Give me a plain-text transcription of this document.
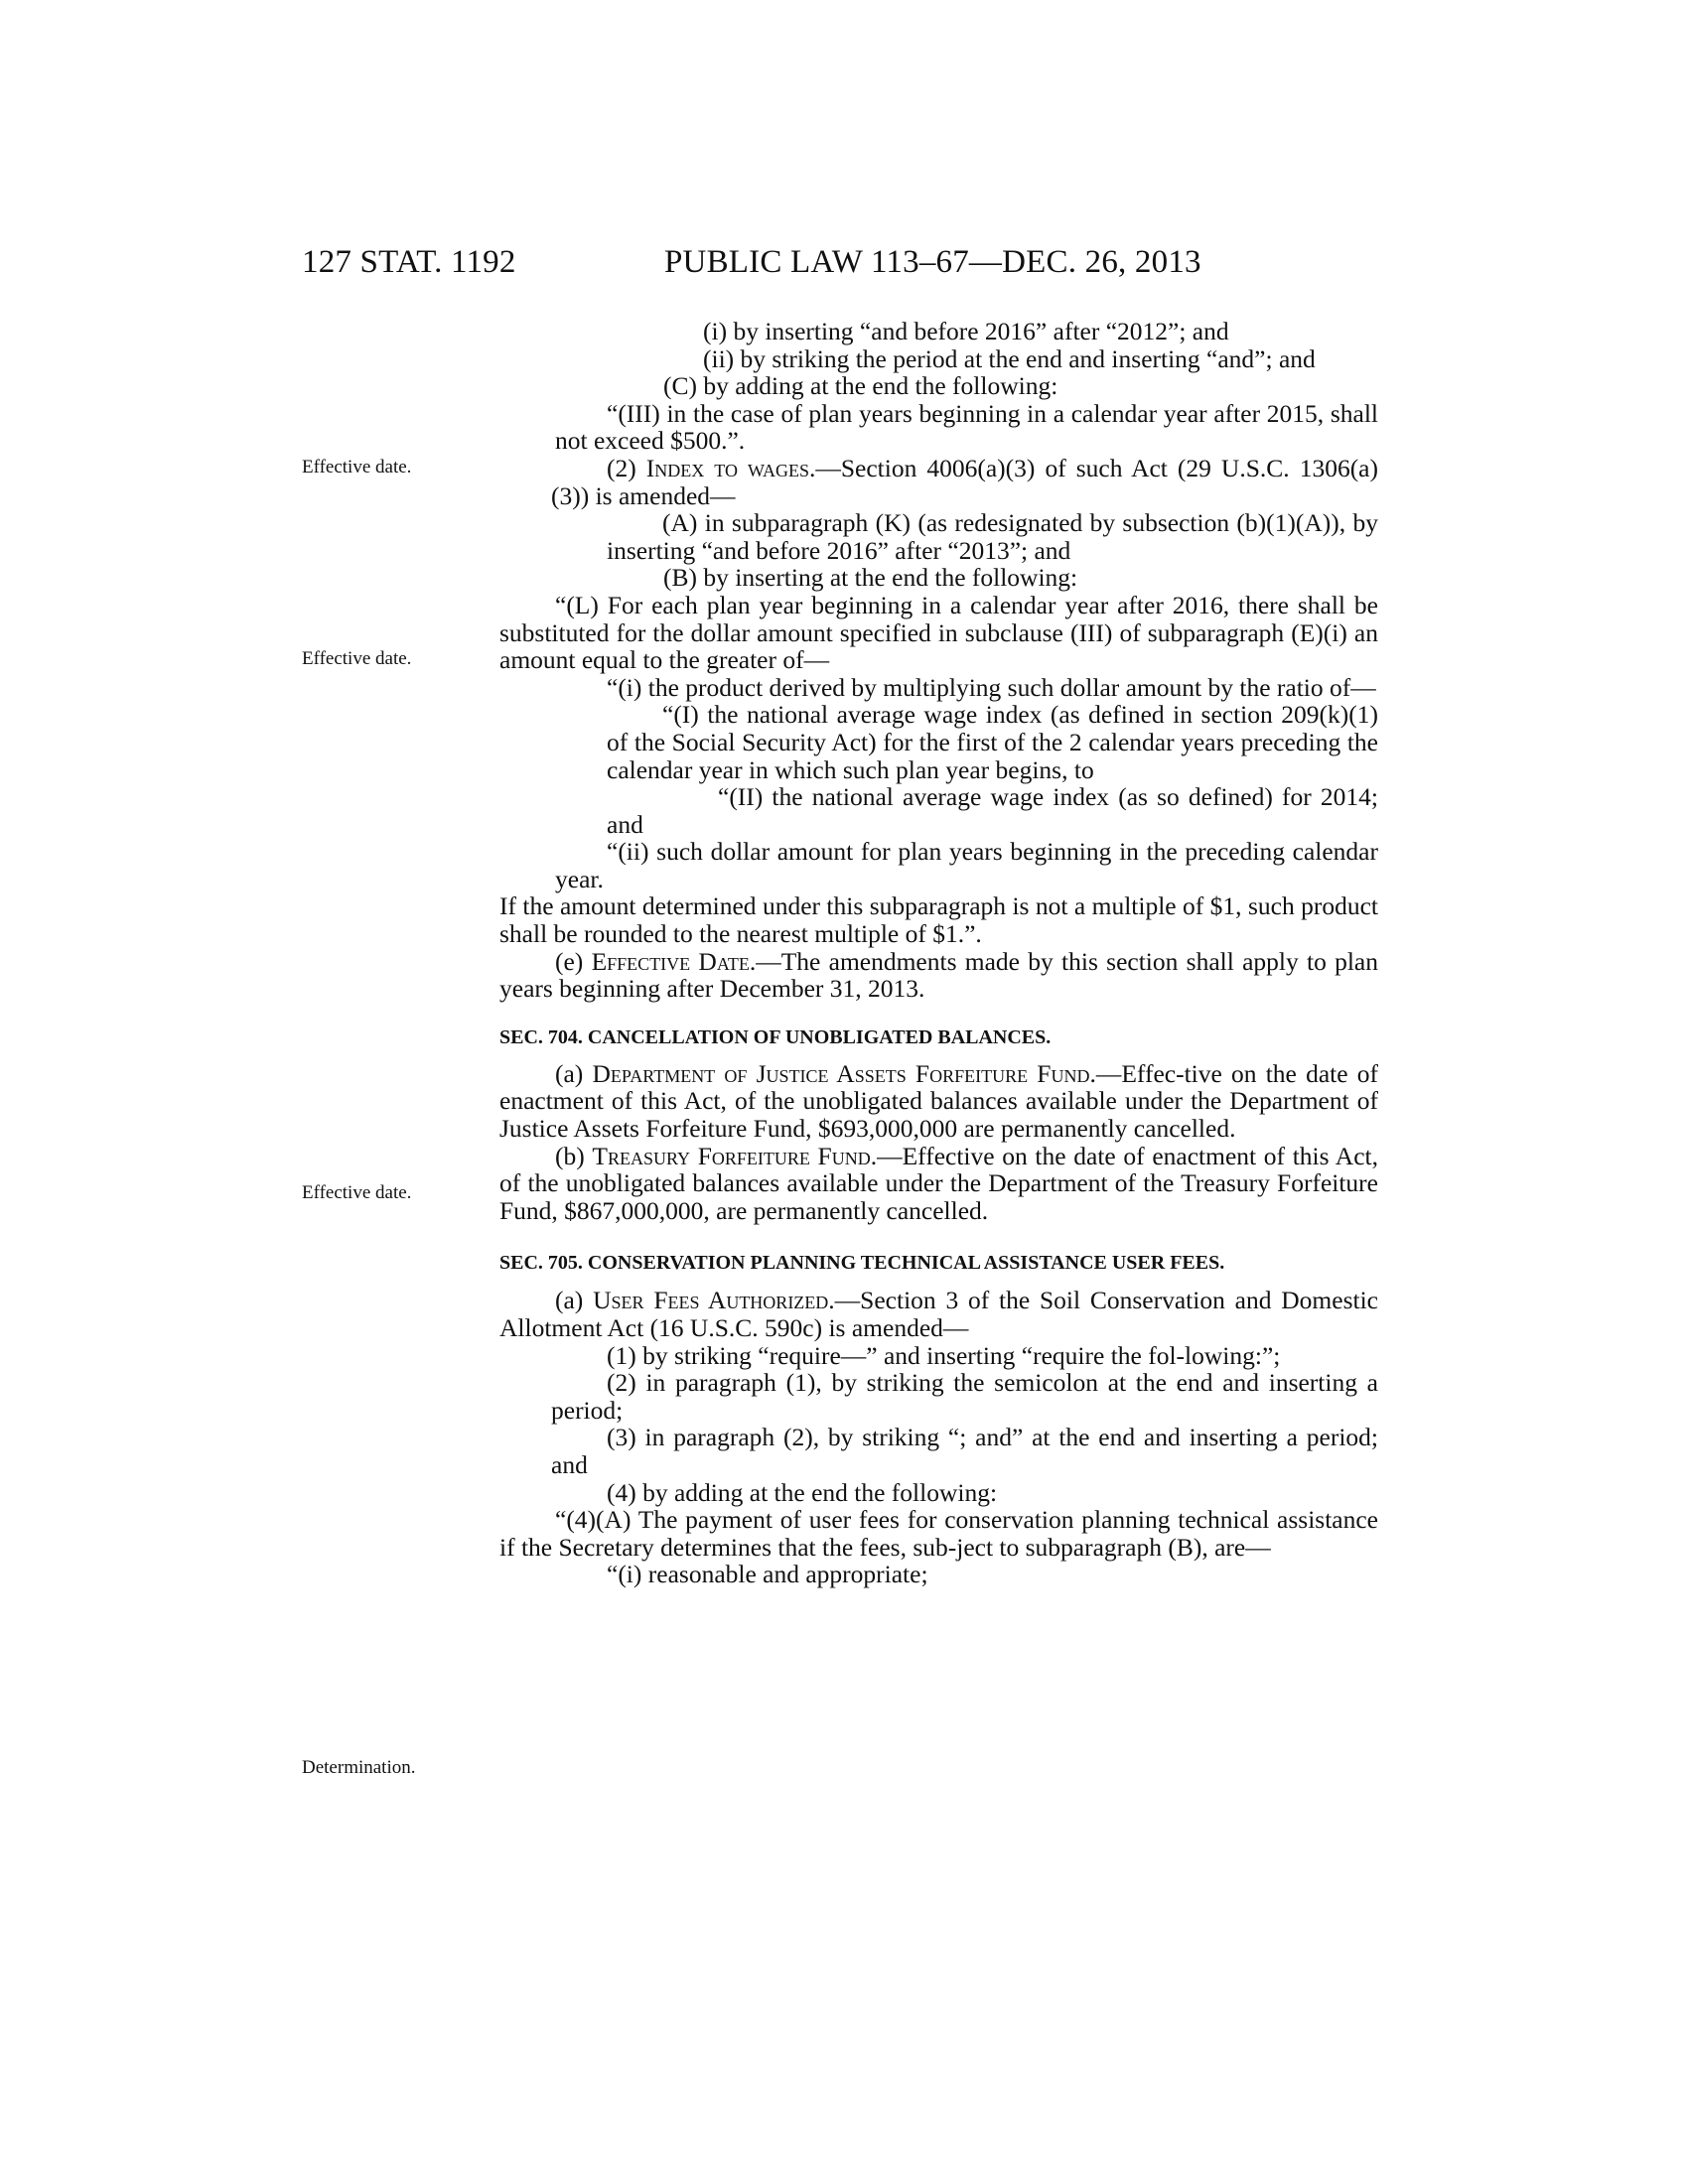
127 STAT. 1192	PUBLIC LAW 113–67—DEC. 26, 2013
Effective date.
Effective date.
Effective date.
Determination.

(i) by inserting “and before 2016” after “2012”; and

(ii) by striking the period at the end and inserting “and”; and

(C) by adding at the end the following:

“(III) in the case of plan years beginning in a calendar year after 2015, shall not exceed $500.”.

(2) Index to wages.—Section 4006(a)(3) of such Act (29 U.S.C. 1306(a)(3)) is amended—

(A) in subparagraph (K) (as redesignated by subsection (b)(1)(A)), by inserting “and before 2016” after “2013”; and

(B) by inserting at the end the following:

“(L) For each plan year beginning in a calendar year after 2016, there shall be substituted for the dollar amount specified in subclause (III) of subparagraph (E)(i) an amount equal to the greater of—

“(i) the product derived by multiplying such dollar amount by the ratio of—

“(I) the national average wage index (as defined in section 209(k)(1) of the Social Security Act) for the first of the 2 calendar years preceding the calendar year in which such plan year begins, to

“(II) the national average wage index (as so defined) for 2014; and

“(ii) such dollar amount for plan years beginning in the preceding calendar year.

If the amount determined under this subparagraph is not a multiple of $1, such product shall be rounded to the nearest multiple of $1.”.

(e) Effective Date.—The amendments made by this section shall apply to plan years beginning after December 31, 2013.

SEC. 704. CANCELLATION OF UNOBLIGATED BALANCES.

(a) Department of Justice Assets Forfeiture Fund.—Effec-tive on the date of enactment of this Act, of the unobligated balances available under the Department of Justice Assets Forfeiture Fund, $693,000,000 are permanently cancelled.

(b) Treasury Forfeiture Fund.—Effective on the date of enactment of this Act, of the unobligated balances available under the Department of the Treasury Forfeiture Fund, $867,000,000, are permanently cancelled.

SEC. 705. CONSERVATION PLANNING TECHNICAL ASSISTANCE USER FEES.

(a) User Fees Authorized.—Section 3 of the Soil Conservation and Domestic Allotment Act (16 U.S.C. 590c) is amended—

(1) by striking “require—” and inserting “require the fol-lowing:”;

(2) in paragraph (1), by striking the semicolon at the end and inserting a period;

(3) in paragraph (2), by striking “; and” at the end and inserting a period; and

(4) by adding at the end the following:

“(4)(A) The payment of user fees for conservation planning technical assistance if the Secretary determines that the fees, sub-ject to subparagraph (B), are—

“(i) reasonable and appropriate;
